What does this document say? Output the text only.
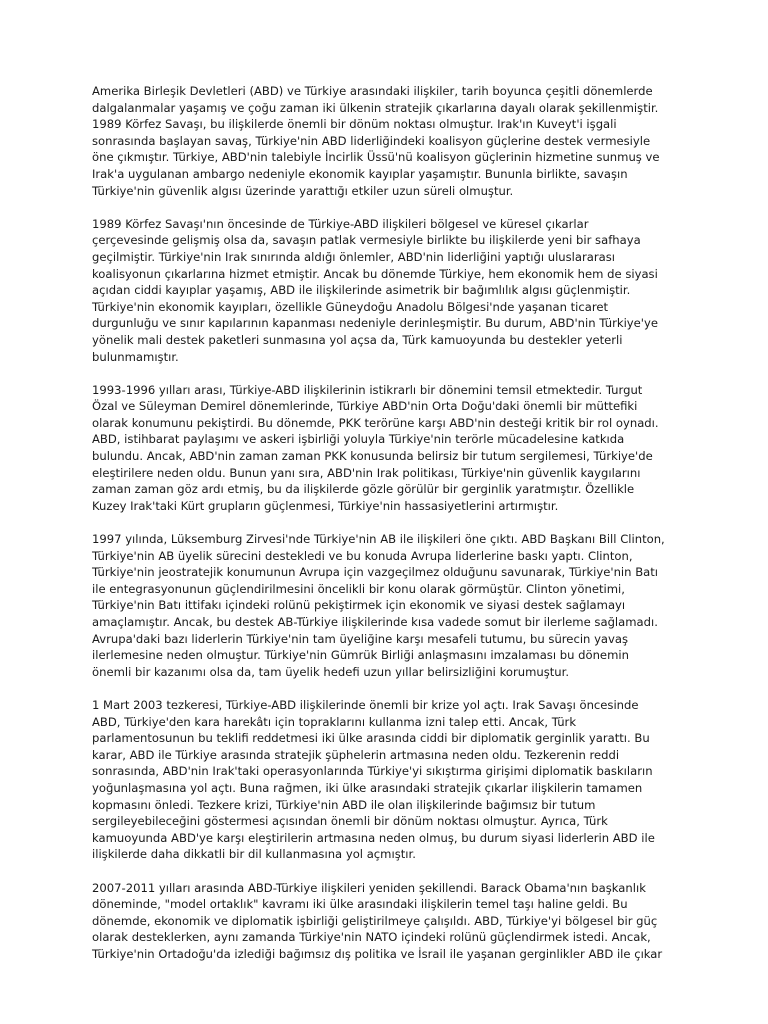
Amerika Birleşik Devletleri (ABD) ve Türkiye arasındaki ilişkiler, tarih boyunca çeşitli dönemlerde dalgalanmalar yaşamış ve çoğu zaman iki ülkenin stratejik çıkarlarına dayalı olarak şekillenmiştir. 1989 Körfez Savaşı, bu ilişkilerde önemli bir dönüm noktası olmuştur. Irak'ın Kuveyt'i işgali sonrasında başlayan savaş, Türkiye'nin ABD liderliğindeki koalisyon güçlerine destek vermesiyle öne çıkmıştır. Türkiye, ABD'nin talebiyle İncirlik Üssü'nü koalisyon güçlerinin hizmetine sunmuş ve Irak'a uygulanan ambargo nedeniyle ekonomik kayıplar yaşamıştır. Bununla birlikte, savaşın Türkiye'nin güvenlik algısı üzerinde yarattığı etkiler uzun süreli olmuştur.

1989 Körfez Savaşı'nın öncesinde de Türkiye-ABD ilişkileri bölgesel ve küresel çıkarlar çerçevesinde gelişmiş olsa da, savaşın patlak vermesiyle birlikte bu ilişkilerde yeni bir safhaya geçilmiştir. Türkiye'nin Irak sınırında aldığı önlemler, ABD'nin liderliğini yaptığı uluslararası koalisyonun çıkarlarına hizmet etmiştir. Ancak bu dönemde Türkiye, hem ekonomik hem de siyasi açıdan ciddi kayıplar yaşamış, ABD ile ilişkilerinde asimetrik bir bağımlılık algısı güçlenmiştir. Türkiye'nin ekonomik kayıpları, özellikle Güneydoğu Anadolu Bölgesi'nde yaşanan ticaret durgunluğu ve sınır kapılarının kapanması nedeniyle derinleşmiştir. Bu durum, ABD'nin Türkiye'ye yönelik mali destek paketleri sunmasına yol açsa da, Türk kamuoyunda bu destekler yeterli bulunmamıştır.

1993-1996 yılları arası, Türkiye-ABD ilişkilerinin istikrarlı bir dönemini temsil etmektedir. Turgut Özal ve Süleyman Demirel dönemlerinde, Türkiye ABD'nin Orta Doğu'daki önemli bir müttefiki olarak konumunu pekiştirdi. Bu dönemde, PKK terörüne karşı ABD'nin desteği kritik bir rol oynadı. ABD, istihbarat paylaşımı ve askeri işbirliği yoluyla Türkiye'nin terörle mücadelesine katkıda bulundu. Ancak, ABD'nin zaman zaman PKK konusunda belirsiz bir tutum sergilemesi, Türkiye'de eleştirilere neden oldu. Bunun yanı sıra, ABD'nin Irak politikası, Türkiye'nin güvenlik kaygılarını zaman zaman göz ardı etmiş, bu da ilişkilerde gözle görülür bir gerginlik yaratmıştır. Özellikle Kuzey Irak'taki Kürt grupların güçlenmesi, Türkiye'nin hassasiyetlerini artırmıştır.

1997 yılında, Lüksemburg Zirvesi'nde Türkiye'nin AB ile ilişkileri öne çıktı. ABD Başkanı Bill Clinton, Türkiye'nin AB üyelik sürecini destekledi ve bu konuda Avrupa liderlerine baskı yaptı. Clinton, Türkiye'nin jeostratejik konumunun Avrupa için vazgeçilmez olduğunu savunarak, Türkiye'nin Batı ile entegrasyonunun güçlendirilmesini öncelikli bir konu olarak görmüştür. Clinton yönetimi, Türkiye'nin Batı ittifakı içindeki rolünü pekiştirmek için ekonomik ve siyasi destek sağlamayı amaçlamıştır. Ancak, bu destek AB-Türkiye ilişkilerinde kısa vadede somut bir ilerleme sağlamadı. Avrupa'daki bazı liderlerin Türkiye'nin tam üyeliğine karşı mesafeli tutumu, bu sürecin yavaş ilerlemesine neden olmuştur. Türkiye'nin Gümrük Birliği anlaşmasını imzalaması bu dönemin önemli bir kazanımı olsa da, tam üyelik hedefi uzun yıllar belirsizliğini korumuştur.

1 Mart 2003 tezkeresi, Türkiye-ABD ilişkilerinde önemli bir krize yol açtı. Irak Savaşı öncesinde ABD, Türkiye'den kara harekâtı için topraklarını kullanma izni talep etti. Ancak, Türk parlamentosunun bu teklifi reddetmesi iki ülke arasında ciddi bir diplomatik gerginlik yarattı. Bu karar, ABD ile Türkiye arasında stratejik şüphelerin artmasına neden oldu. Tezkerenin reddi sonrasında, ABD'nin Irak'taki operasyonlarında Türkiye'yi sıkıştırma girişimi diplomatik baskıların yoğunlaşmasına yol açtı. Buna rağmen, iki ülke arasındaki stratejik çıkarlar ilişkilerin tamamen kopmasını önledi. Tezkere krizi, Türkiye'nin ABD ile olan ilişkilerinde bağımsız bir tutum sergileyebileceğini göstermesi açısından önemli bir dönüm noktası olmuştur. Ayrıca, Türk kamuoyunda ABD'ye karşı eleştirilerin artmasına neden olmuş, bu durum siyasi liderlerin ABD ile ilişkilerde daha dikkatli bir dil kullanmasına yol açmıştır.

2007-2011 yılları arasında ABD-Türkiye ilişkileri yeniden şekillendi. Barack Obama'nın başkanlık döneminde, "model ortaklık" kavramı iki ülke arasındaki ilişkilerin temel taşı haline geldi. Bu dönemde, ekonomik ve diplomatik işbirliği geliştirilmeye çalışıldı. ABD, Türkiye'yi bölgesel bir güç olarak desteklerken, aynı zamanda Türkiye'nin NATO içindeki rolünü güçlendirmek istedi. Ancak, Türkiye'nin Ortadoğu'da izlediği bağımsız dış politika ve İsrail ile yaşanan gerginlikler ABD ile çıkar
